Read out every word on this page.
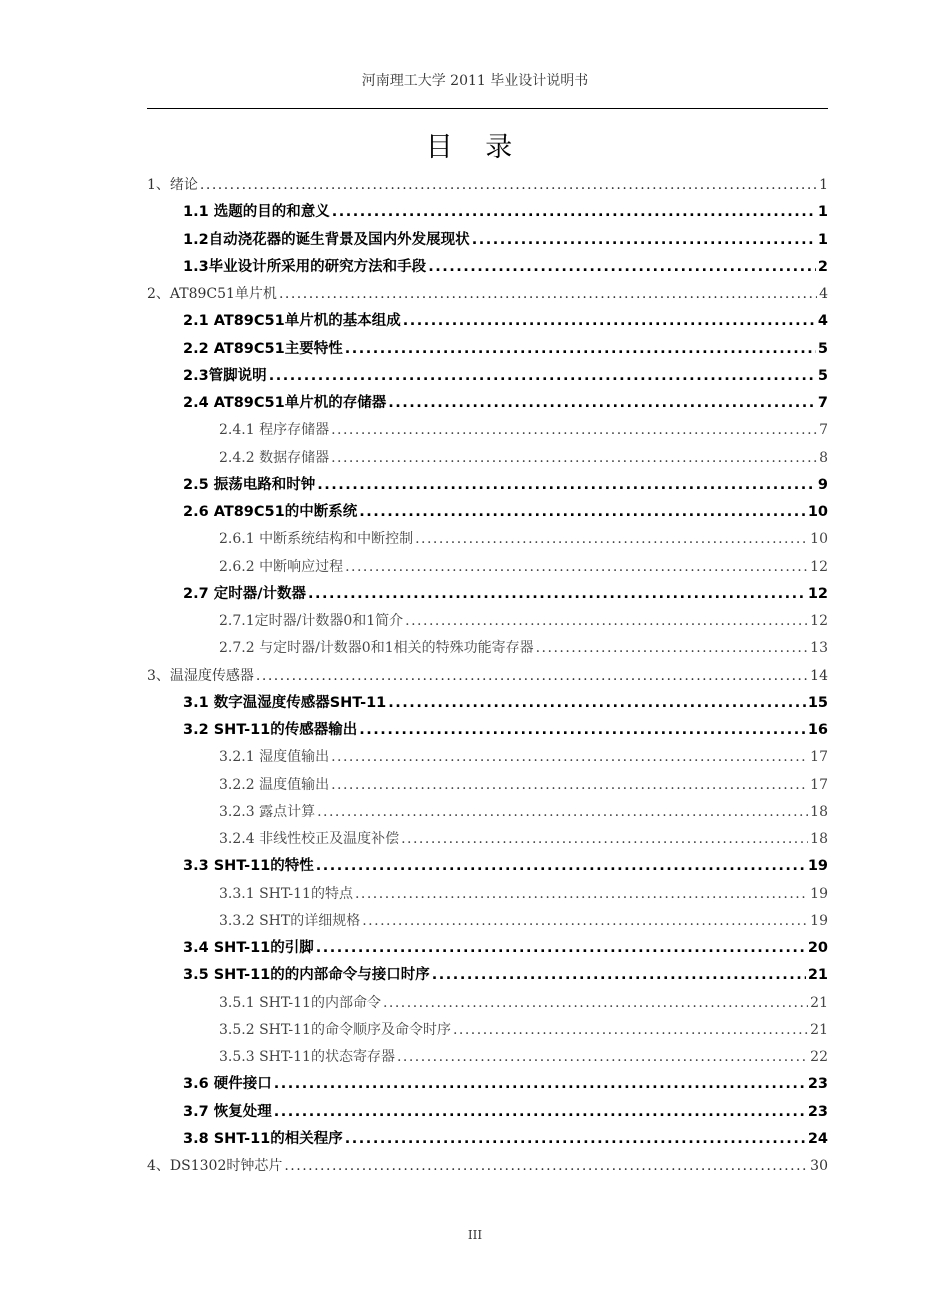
河南理工大学 2011 毕业设计说明书
目 录
1、绪论 .....	1
1.1 选题的目的和意义 .....	1
1.2自动浇花器的诞生背景及国内外发展现状 .....	1
1.3毕业设计所采用的研究方法和手段 .....	2
2、AT89C51单片机 .....	4
2.1 AT89C51单片机的基本组成 .....	4
2.2 AT89C51主要特性 .....	5
2.3管脚说明 .....	5
2.4 AT89C51单片机的存储器 .....	7
2.4.1 程序存储器 .....	7
2.4.2 数据存储器 .....	8
2.5 振荡电路和时钟 .....	9
2.6 AT89C51的中断系统 .....	10
2.6.1 中断系统结构和中断控制 .....	10
2.6.2 中断响应过程 .....	12
2.7 定时器/计数器 .....	12
2.7.1定时器/计数器0和1简介 .....	12
2.7.2 与定时器/计数器0和1相关的特殊功能寄存器 .....	13
3、温湿度传感器 .....	14
3.1 数字温湿度传感器SHT-11 .....	15
3.2 SHT-11的传感器输出 .....	16
3.2.1 湿度值输出 .....	17
3.2.2 温度值输出 .....	17
3.2.3 露点计算 .....	18
3.2.4 非线性校正及温度补偿 .....	18
3.3 SHT-11的特性 .....	19
3.3.1 SHT-11的特点 .....	19
3.3.2 SHT的详细规格 .....	19
3.4 SHT-11的引脚 .....	20
3.5 SHT-11的的内部命令与接口时序 .....	21
3.5.1 SHT-11的内部命令 .....	21
3.5.2 SHT-11的命令顺序及命令时序 .....	21
3.5.3 SHT-11的状态寄存器 .....	22
3.6 硬件接口 .....	23
3.7 恢复处理 .....	23
3.8 SHT-11的相关程序 .....	24
4、DS1302时钟芯片 .....	30
III
